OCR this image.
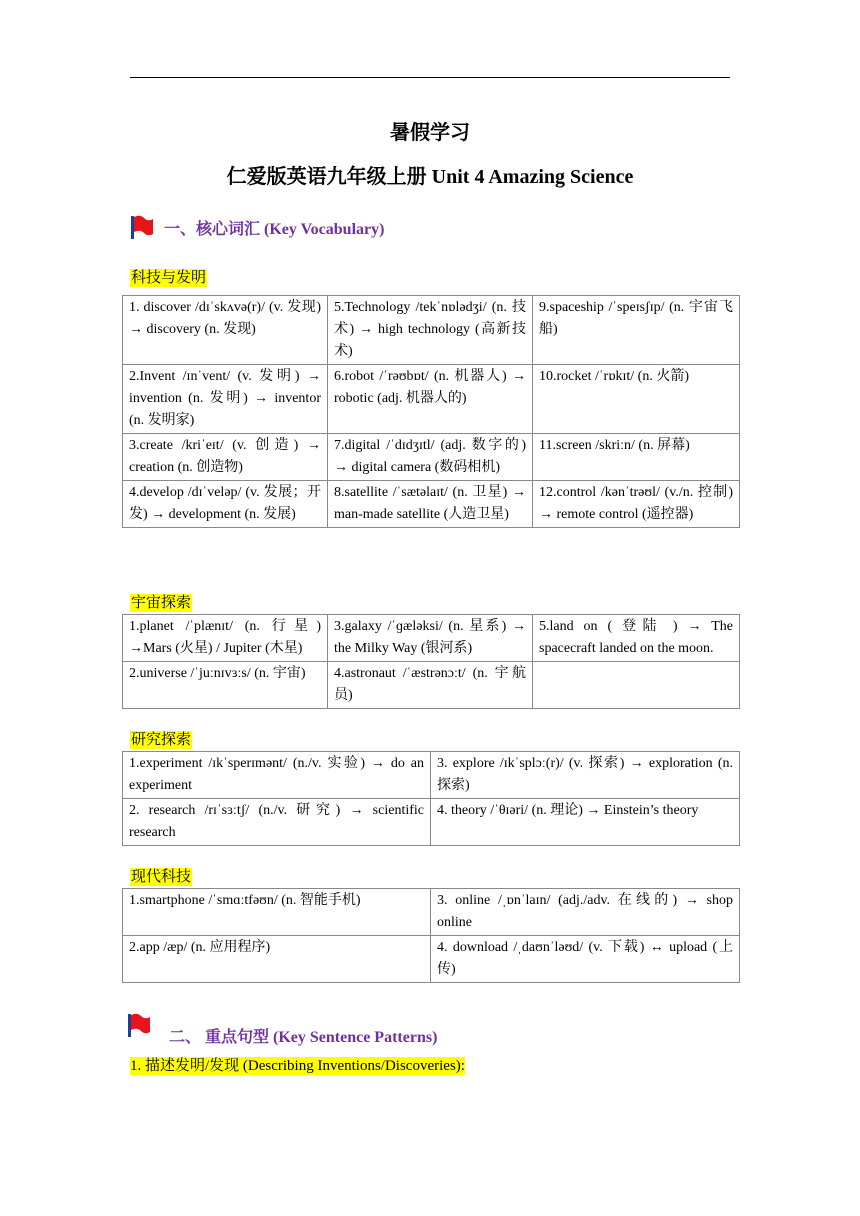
暑假学习
仁爱版英语九年级上册 Unit 4 Amazing Science
一、核心词汇 (Key Vocabulary)
科技与发明
1. discover /dɪˈskʌvə(r)/ (v. 发现) → discovery (n. 发现)	5.Technology /tekˈnɒlədʒi/ (n. 技术) → high technology (高新技术)	9.spaceship /ˈspeɪsʃɪp/ (n. 宇宙飞船)
2.Invent /ɪnˈvent/ (v. 发明) → invention (n. 发明) → inventor (n. 发明家)	6.robot /ˈrəʊbɒt/ (n. 机器人) → robotic (adj. 机器人的)	10.rocket /ˈrɒkɪt/ (n. 火箭)
3.create /kriˈeɪt/ (v. 创造) → creation (n. 创造物)	7.digital /ˈdɪdʒɪtl/ (adj. 数字的) → digital camera (数码相机)	11.screen /skriːn/ (n. 屏幕)
4.develop /dɪˈveləp/ (v. 发展；开发) → development (n. 发展)	8.satellite /ˈsætəlaɪt/ (n. 卫星) → man-made satellite (人造卫星)	12.control /kənˈtrəʊl/ (v./n. 控制) → remote control (遥控器)
宇宙探索
1.planet /ˈplænɪt/ (n. 行星) →Mars (火星) / Jupiter (木星)	3.galaxy /ˈɡæləksi/ (n. 星系) → the Milky Way (银河系)	5.land on ( 登陆 ) → The spacecraft landed on the moon.
2.universe /ˈjuːnɪvɜːs/ (n. 宇宙)	4.astronaut /ˈæstrənɔːt/ (n. 宇航员)	
研究探索
1.experiment /ɪkˈsperɪmənt/ (n./v. 实验) → do an experiment	3. explore /ɪkˈsplɔː(r)/ (v. 探索) → exploration (n. 探索)
2. research /rɪˈsɜːtʃ/ (n./v. 研究) → scientific research	4. theory /ˈθɪəri/ (n. 理论) → Einstein’s theory
现代科技
1.smartphone /ˈsmɑːtfəʊn/ (n. 智能手机)	3. online /ˌɒnˈlaɪn/ (adj./adv. 在线的) → shop online
2.app /æp/ (n. 应用程序)	4. download /ˌdaʊnˈləʊd/ (v. 下载) ↔ upload (上传)
二、 重点句型 (Key Sentence Patterns)
1. 描述发明/发现 (Describing Inventions/Discoveries):
